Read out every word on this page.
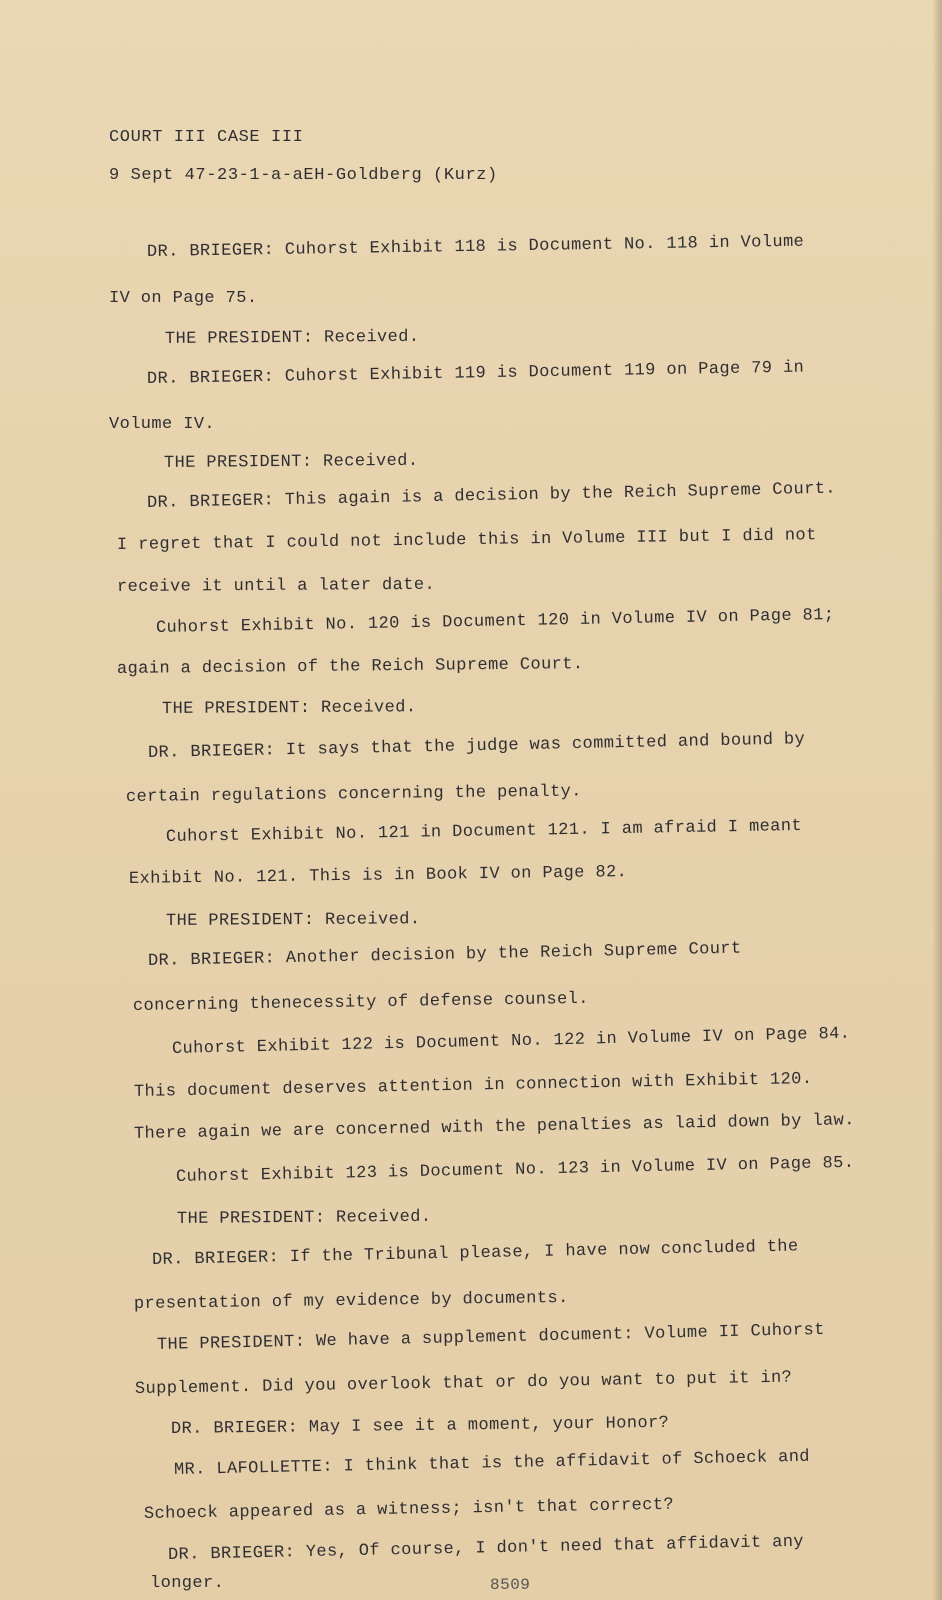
COURT III CASE III

9 Sept 47-23-1-a-aEH-Goldberg (Kurz)

DR. BRIEGER: Cuhorst Exhibit 118 is Document No. 118 in Volume

IV on Page 75.

THE PRESIDENT: Received.

DR. BRIEGER: Cuhorst Exhibit 119 is Document 119 on Page 79 in

Volume IV.

THE PRESIDENT: Received.

DR. BRIEGER: This again is a decision by the Reich Supreme Court.

I regret that I could not include this in Volume III but I did not

receive it until a later date.

Cuhorst Exhibit No. 120 is Document 120 in Volume IV on Page 81;

again a decision of the Reich Supreme Court.

THE PRESIDENT: Received.

DR. BRIEGER: It says that the judge was committed and bound by

certain regulations concerning the penalty.

Cuhorst Exhibit No. 121 in Document 121. I am afraid I meant

Exhibit No. 121. This is in Book IV on Page 82.

THE PRESIDENT: Received.

DR. BRIEGER: Another decision by the Reich Supreme Court

concerning thenecessity of defense counsel.

Cuhorst Exhibit 122 is Document No. 122 in Volume IV on Page 84.

This document deserves attention in connection with Exhibit 120.

There again we are concerned with the penalties as laid down by law.

Cuhorst Exhibit 123 is Document No. 123 in Volume IV on Page 85.

THE PRESIDENT: Received.

DR. BRIEGER: If the Tribunal please, I have now concluded the

presentation of my evidence by documents.

THE PRESIDENT: We have a supplement document: Volume II Cuhorst

Supplement. Did you overlook that or do you want to put it in?

DR. BRIEGER: May I see it a moment, your Honor?

MR. LAFOLLETTE: I think that is the affidavit of Schoeck and

Schoeck appeared as a witness; isn't that correct?

DR. BRIEGER: Yes, Of course, I don't need that affidavit any

longer.	8509
